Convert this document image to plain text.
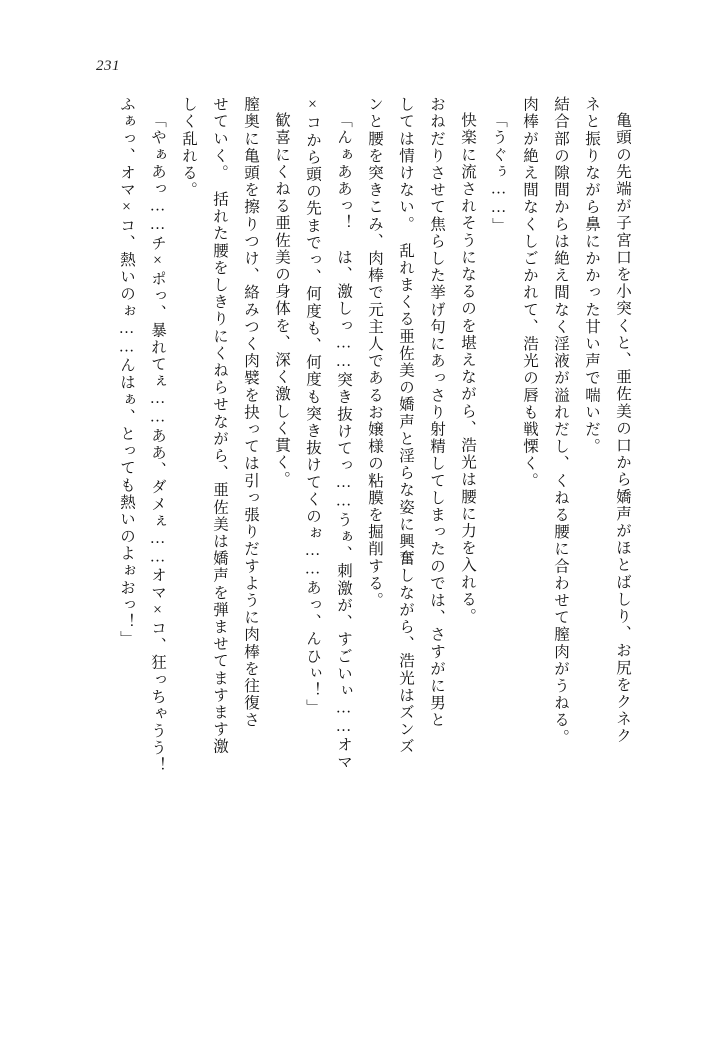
231
亀頭の先端が子宮口を小突くと、亜佐美の口から嬌声がほとばしり、お尻をクネク
ネと振りながら鼻にかかった甘い声で喘いだ。
結合部の隙間からは絶え間なく淫液が溢れだし、くねる腰に合わせて膣肉がうねる。
肉棒が絶え間なくしごかれて、浩光の唇も戦慄く。
「うぐぅ……」
快楽に流されそうになるのを堪えながら、浩光は腰に力を入れる。
おねだりさせて焦らした挙げ句にあっさり射精してしまったのでは、さすがに男と
しては情けない。　乱れまくる亜佐美の嬌声と淫らな姿に興奮しながら、浩光はズンズ
ンと腰を突きこみ、肉棒で元主人であるお嬢様の粘膜を掘削する。
「んぁああっ！　は、激しっ……突き抜けてっ……うぁ、刺激が、すごいぃ……オマ
×コから頭の先までっ、何度も、何度も突き抜けてくのぉ……あっ、んひぃ！」
歓喜にくねる亜佐美の身体を、深く激しく貫く。
膣奥に亀頭を擦りつけ、絡みつく肉襞を抉っては引っ張りだすように肉棒を往復さ
せていく。　括れた腰をしきりにくねらせながら、亜佐美は嬌声を弾ませてますます激
しく乱れる。
「やぁあっ……チ×ポっ、暴れてぇ……ああ、ダメぇ……オマ×コ、狂っちゃうう！
ふぁっ、オマ×コ、熱いのぉ……んはぁ、とっても熱いのよぉおっ！」
